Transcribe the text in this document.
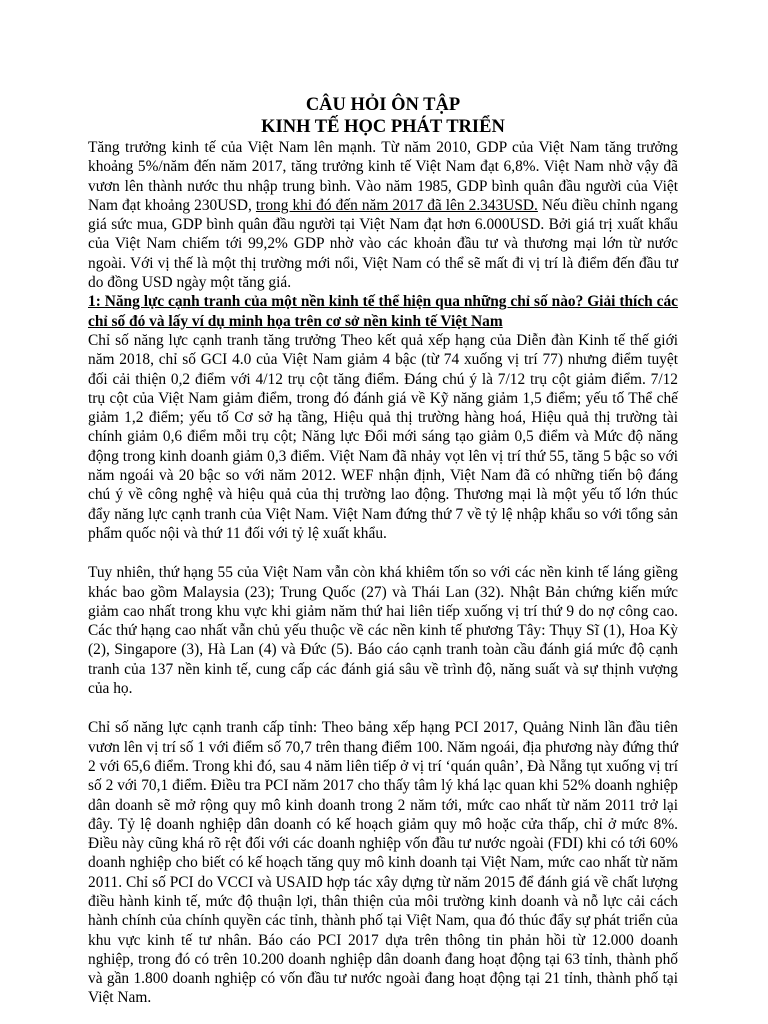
CÂU HỎI ÔN TẬP
KINH TẾ HỌC PHÁT TRIỂN

Tăng trưởng kinh tế của Việt Nam lên mạnh. Từ năm 2010, GDP của Việt Nam tăng trưởng khoảng 5%/năm đến năm 2017, tăng trưởng kinh tế Việt Nam đạt 6,8%. Việt Nam nhờ vậy đã vươn lên thành nước thu nhập trung bình. Vào năm 1985, GDP bình quân đầu người của Việt Nam đạt khoảng 230USD, trong khi đó đến năm 2017 đã lên 2.343USD. Nếu điều chỉnh ngang giá sức mua, GDP bình quân đầu người tại Việt Nam đạt hơn 6.000USD. Bởi giá trị xuất khẩu của Việt Nam chiếm tới 99,2% GDP nhờ vào các khoản đầu tư và thương mại lớn từ nước ngoài. Với vị thế là một thị trường mới nổi, Việt Nam có thể sẽ mất đi vị trí là điểm đến đầu tư do đồng USD ngày một tăng giá.

1: Năng lực cạnh tranh của một nền kinh tế thể hiện qua những chỉ số nào? Giải thích các chỉ số đó và lấy ví dụ minh họa trên cơ sở nền kinh tế Việt Nam

Chỉ số năng lực cạnh tranh tăng trưởng Theo kết quả xếp hạng của Diễn đàn Kinh tế thế giới năm 2018, chỉ số GCI 4.0 của Việt Nam giảm 4 bậc (từ 74 xuống vị trí 77) nhưng điểm tuyệt đối cải thiện 0,2 điểm với 4/12 trụ cột tăng điểm. Đáng chú ý là 7/12 trụ cột giảm điểm. 7/12 trụ cột của Việt Nam giảm điểm, trong đó đánh giá về Kỹ năng giảm 1,5 điểm; yếu tố Thể chế giảm 1,2 điểm; yếu tố Cơ sở hạ tầng, Hiệu quả thị trường hàng hoá, Hiệu quả thị trường tài chính giảm 0,6 điểm mỗi trụ cột; Năng lực Đổi mới sáng tạo giảm 0,5 điểm và Mức độ năng động trong kinh doanh giảm 0,3 điểm. Việt Nam đã nhảy vọt lên vị trí thứ 55, tăng 5 bậc so với năm ngoái và 20 bậc so với năm 2012. WEF nhận định, Việt Nam đã có những tiến bộ đáng chú ý về công nghệ và hiệu quả của thị trường lao động. Thương mại là một yếu tố lớn thúc đẩy năng lực cạnh tranh của Việt Nam. Việt Nam đứng thứ 7 về tỷ lệ nhập khẩu so với tổng sản phẩm quốc nội và thứ 11 đối với tỷ lệ xuất khẩu.

Tuy nhiên, thứ hạng 55 của Việt Nam vẫn còn khá khiêm tốn so với các nền kinh tế láng giềng khác bao gồm Malaysia (23); Trung Quốc (27) và Thái Lan (32). Nhật Bản chứng kiến mức giảm cao nhất trong khu vực khi giảm năm thứ hai liên tiếp xuống vị trí thứ 9 do nợ công cao. Các thứ hạng cao nhất vẫn chủ yếu thuộc về các nền kinh tế phương Tây: Thụy Sĩ (1), Hoa Kỳ (2), Singapore (3), Hà Lan (4) và Đức (5). Báo cáo cạnh tranh toàn cầu đánh giá mức độ cạnh tranh của 137 nền kinh tế, cung cấp các đánh giá sâu về trình độ, năng suất và sự thịnh vượng của họ.

Chỉ số năng lực cạnh tranh cấp tỉnh: Theo bảng xếp hạng PCI 2017, Quảng Ninh lần đầu tiên vươn lên vị trí số 1 với điểm số 70,7 trên thang điểm 100. Năm ngoái, địa phương này đứng thứ 2 với 65,6 điểm. Trong khi đó, sau 4 năm liên tiếp ở vị trí ‘quán quân’, Đà Nẵng tụt xuống vị trí số 2 với 70,1 điểm. Điều tra PCI năm 2017 cho thấy tâm lý khá lạc quan khi 52% doanh nghiệp dân doanh sẽ mở rộng quy mô kinh doanh trong 2 năm tới, mức cao nhất từ năm 2011 trở lại đây. Tỷ lệ doanh nghiệp dân doanh có kế hoạch giảm quy mô hoặc cửa thấp, chỉ ở mức 8%. Điều này cũng khá rõ rệt đối với các doanh nghiệp vốn đầu tư nước ngoài (FDI) khi có tới 60% doanh nghiệp cho biết có kế hoạch tăng quy mô kinh doanh tại Việt Nam, mức cao nhất từ năm 2011. Chỉ số PCI do VCCI và USAID hợp tác xây dựng từ năm 2015 để đánh giá về chất lượng điều hành kinh tế, mức độ thuận lợi, thân thiện của môi trường kinh doanh và nỗ lực cải cách hành chính của chính quyền các tỉnh, thành phố tại Việt Nam, qua đó thúc đẩy sự phát triển của khu vực kinh tế tư nhân. Báo cáo PCI 2017 dựa trên thông tin phản hồi từ 12.000 doanh nghiệp, trong đó có trên 10.200 doanh nghiệp dân doanh đang hoạt động tại 63 tỉnh, thành phố và gần 1.800 doanh nghiệp có vốn đầu tư nước ngoài đang hoạt động tại 21 tỉnh, thành phố tại Việt Nam.
